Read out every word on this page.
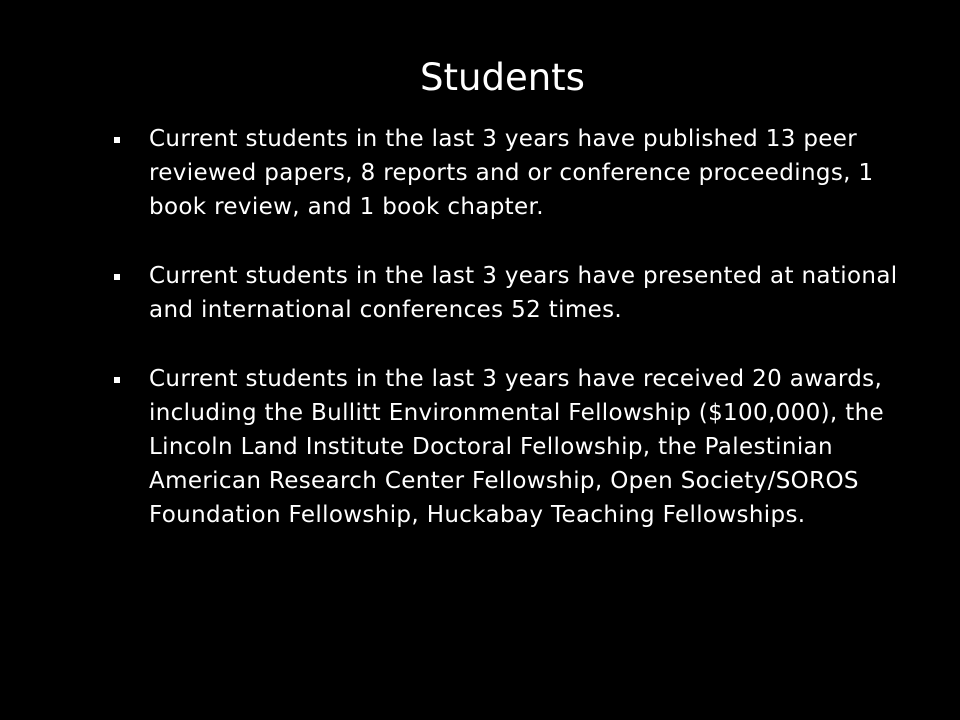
Students
Current students in the last 3 years have published 13 peer reviewed papers, 8 reports and or conference proceedings, 1 book review, and 1 book chapter.
Current students in the last 3 years have presented at national and international conferences 52 times.
Current students in the last 3 years have received 20 awards, including the Bullitt Environmental Fellowship ($100,000), the Lincoln Land Institute Doctoral Fellowship, the Palestinian American Research Center Fellowship, Open Society/SOROS Foundation Fellowship, Huckabay Teaching Fellowships.
